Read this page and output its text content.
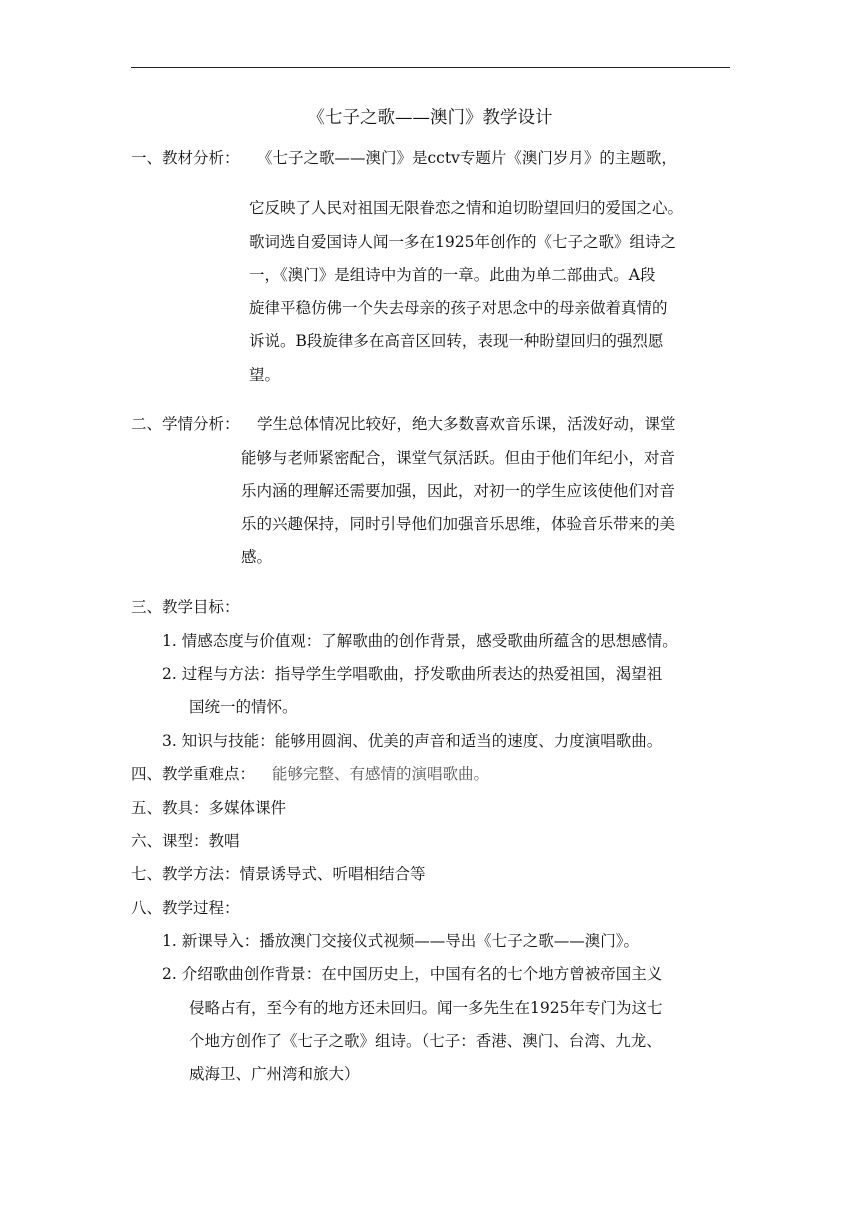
《七子之歌——澳门》教学设计
一、教材分析： 《七子之歌——澳门》是cctv专题片《澳门岁月》的主题歌，
它反映了人民对祖国无限眷恋之情和迫切盼望回归的爱国之心。
歌词选自爱国诗人闻一多在1925年创作的《七子之歌》组诗之
一，《澳门》是组诗中为首的一章。此曲为单二部曲式。A段
旋律平稳仿佛一个失去母亲的孩子对思念中的母亲做着真情的
诉说。B段旋律多在高音区回转，表现一种盼望回归的强烈愿
望。
二、学情分析： 学生总体情况比较好，绝大多数喜欢音乐课，活泼好动，课堂
能够与老师紧密配合，课堂气氛活跃。但由于他们年纪小，对音
乐内涵的理解还需要加强，因此，对初一的学生应该使他们对音
乐的兴趣保持，同时引导他们加强音乐思维，体验音乐带来的美
感。
三、教学目标：
1. 情感态度与价值观：了解歌曲的创作背景，感受歌曲所蕴含的思想感情。
2. 过程与方法：指导学生学唱歌曲，抒发歌曲所表达的热爱祖国，渴望祖
国统一的情怀。
3. 知识与技能：能够用圆润、优美的声音和适当的速度、力度演唱歌曲。
四、教学重难点： 能够完整、有感情的演唱歌曲。
五、教具：多媒体课件
六、课型：教唱
七、教学方法：情景诱导式、听唱相结合等
八、教学过程：
1. 新课导入：播放澳门交接仪式视频——导出《七子之歌——澳门》。
2. 介绍歌曲创作背景：在中国历史上，中国有名的七个地方曾被帝国主义
侵略占有，至今有的地方还未回归。闻一多先生在1925年专门为这七
个地方创作了《七子之歌》组诗。（七子：香港、澳门、台湾、九龙、
威海卫、广州湾和旅大）
